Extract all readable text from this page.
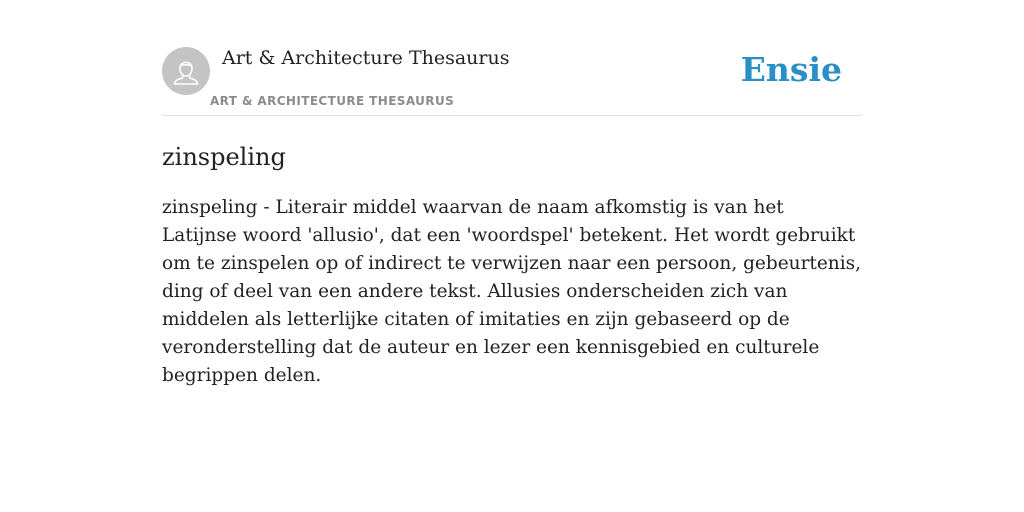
Art & Architecture Thesaurus
ART & ARCHITECTURE THESAURUS
Ensie
zinspeling

zinspeling - Literair middel waarvan de naam afkomstig is van het Latijnse woord 'allusio', dat een 'woordspel' betekent. Het wordt gebruikt om te zinspelen op of indirect te verwijzen naar een persoon, gebeurtenis, ding of deel van een andere tekst. Allusies onderscheiden zich van middelen als letterlijke citaten of imitaties en zijn gebaseerd op de veronderstelling dat de auteur en lezer een kennisgebied en culturele begrippen delen.
